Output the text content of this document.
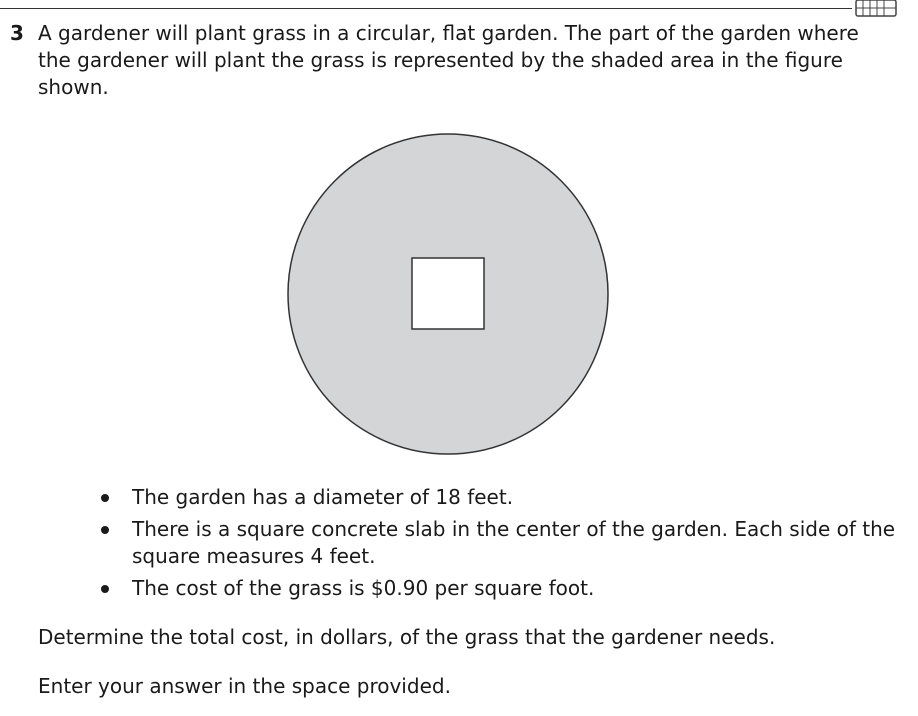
3 A gardener will plant grass in a circular, flat garden. The part of the garden where the gardener will plant the grass is represented by the shaded area in the figure shown.
The garden has a diameter of 18 feet.
There is a square concrete slab in the center of the garden. Each side of the square measures 4 feet.
The cost of the grass is $0.90 per square foot.
Determine the total cost, in dollars, of the grass that the gardener needs.
Enter your answer in the space provided.
